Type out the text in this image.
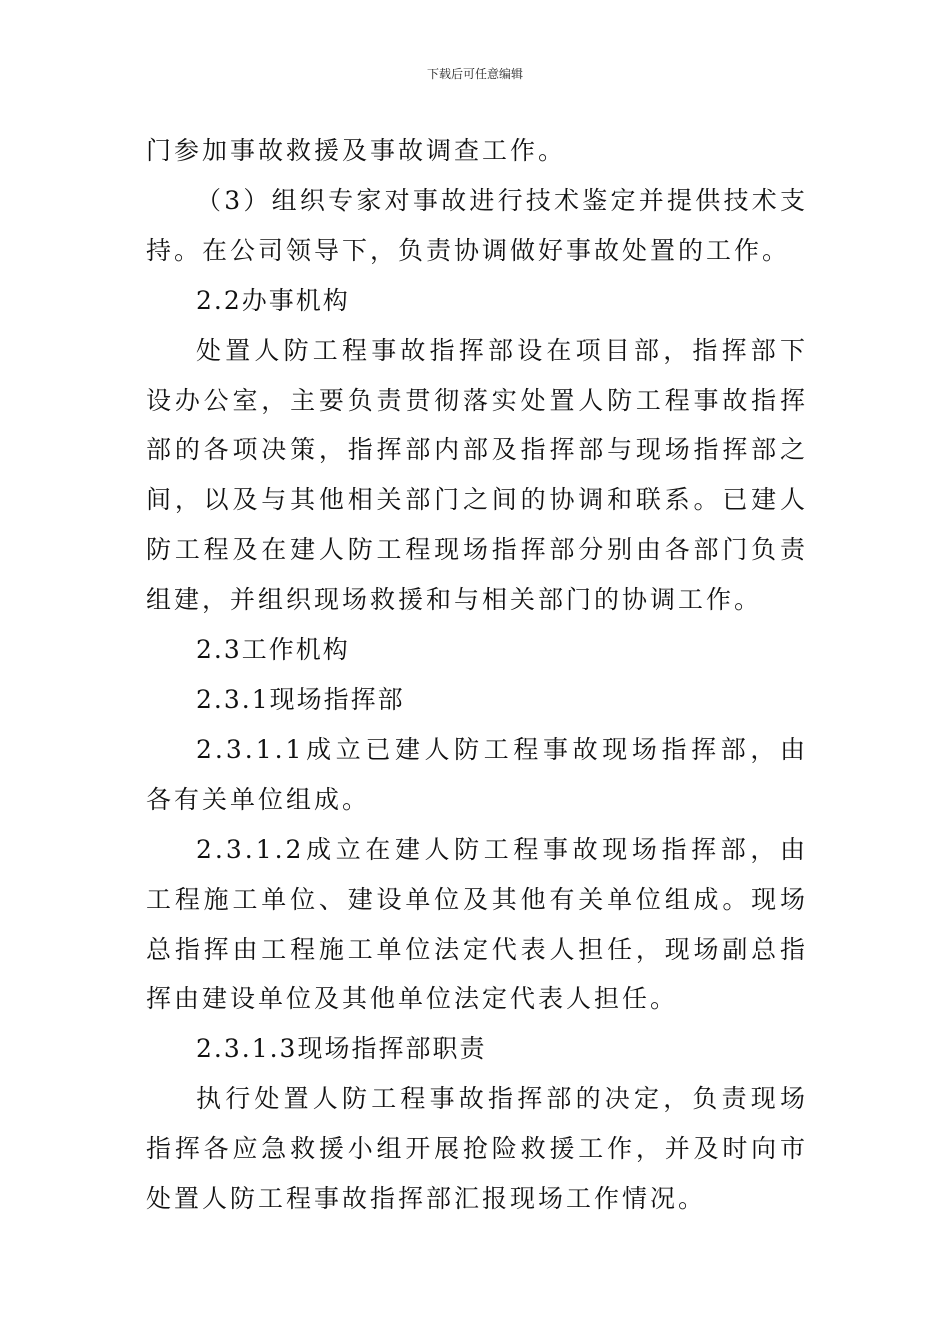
下载后可任意编辑

门参加事故救援及事故调查工作。

（3）组织专家对事故进行技术鉴定并提供技术支持。在公司领导下，负责协调做好事故处置的工作。

2.2办事机构

处置人防工程事故指挥部设在项目部，指挥部下设办公室，主要负责贯彻落实处置人防工程事故指挥部的各项决策，指挥部内部及指挥部与现场指挥部之间，以及与其他相关部门之间的协调和联系。已建人防工程及在建人防工程现场指挥部分别由各部门负责组建，并组织现场救援和与相关部门的协调工作。

2.3工作机构

2.3.1现场指挥部

2.3.1.1成立已建人防工程事故现场指挥部，由各有关单位组成。

2.3.1.2成立在建人防工程事故现场指挥部，由工程施工单位、建设单位及其他有关单位组成。现场总指挥由工程施工单位法定代表人担任，现场副总指挥由建设单位及其他单位法定代表人担任。

2.3.1.3现场指挥部职责

执行处置人防工程事故指挥部的决定，负责现场指挥各应急救援小组开展抢险救援工作，并及时向市处置人防工程事故指挥部汇报现场工作情况。
